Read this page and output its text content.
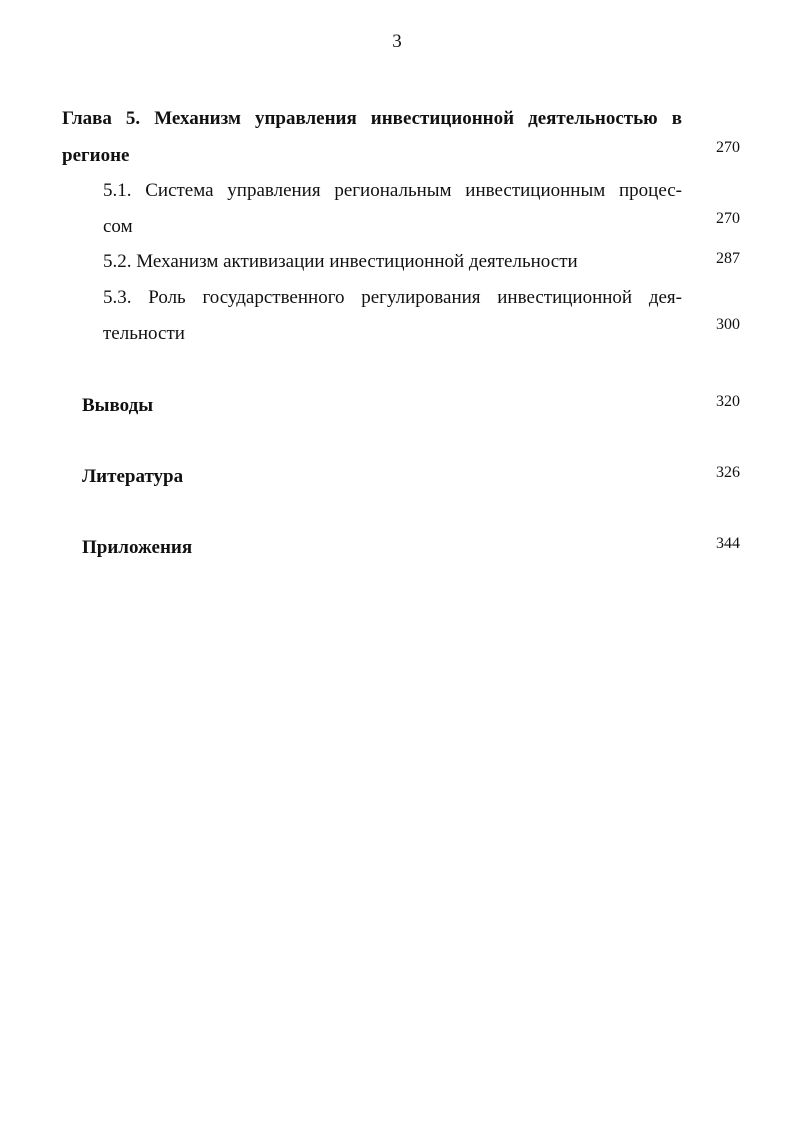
3
Глава 5. Механизм управления инвестиционной деятельностью в
регионе	270
5.1. Система управления региональным инвестиционным процес-
сом	270
5.2. Механизм активизации инвестиционной деятельности	287
5.3. Роль государственного регулирования инвестиционной дея-
тельности	300
Выводы	320
Литература	326
Приложения	344
